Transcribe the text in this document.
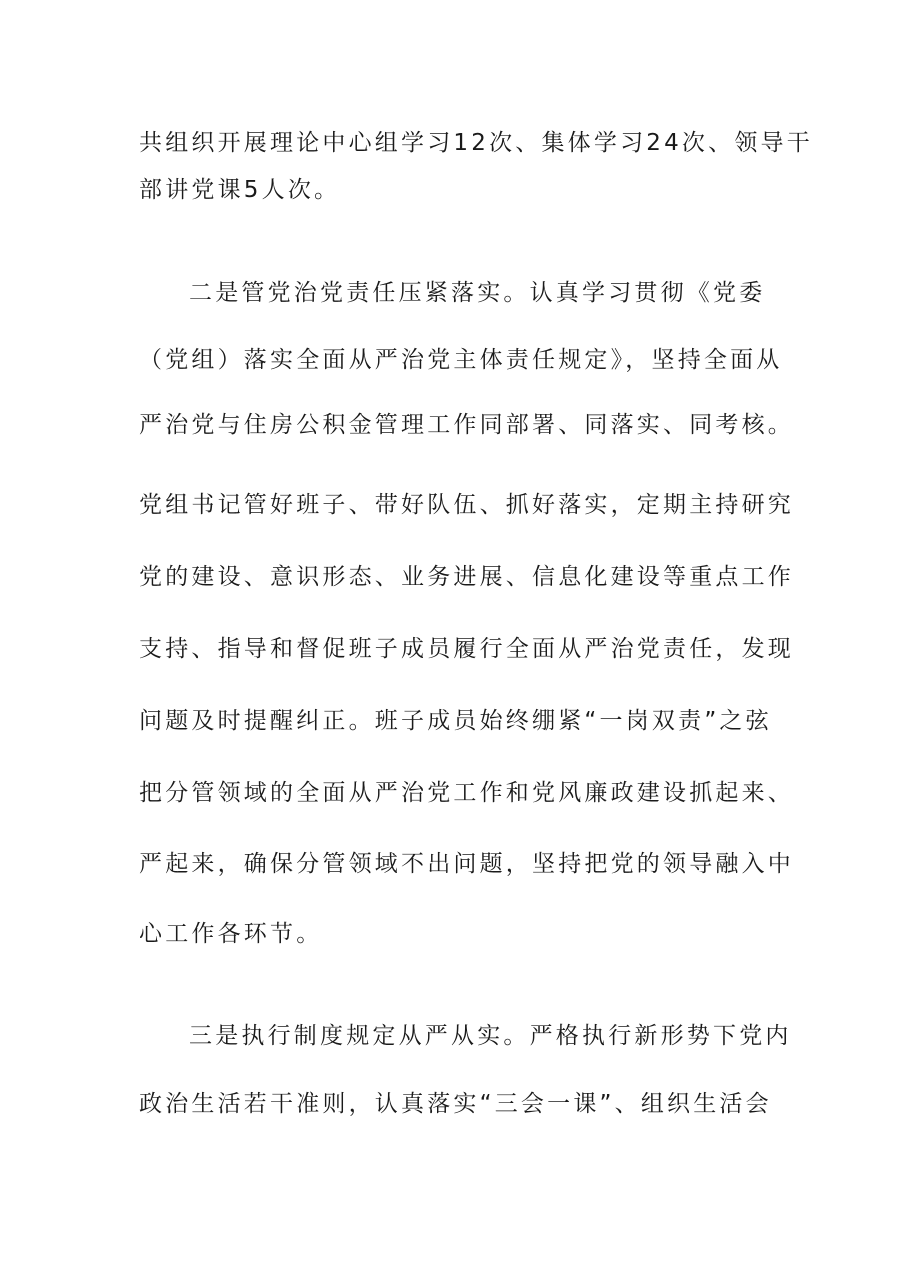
共组织开展理论中心组学习12次、集体学习24次、领导干
部讲党课5人次。
二是管党治党责任压紧落实。认真学习贯彻《党委
（党组）落实全面从严治党主体责任规定》，坚持全面从
严治党与住房公积金管理工作同部署、同落实、同考核。
党组书记管好班子、带好队伍、抓好落实，定期主持研究
党的建设、意识形态、业务进展、信息化建设等重点工作
支持、指导和督促班子成员履行全面从严治党责任，发现
问题及时提醒纠正。班子成员始终绷紧“一岗双责”之弦
把分管领域的全面从严治党工作和党风廉政建设抓起来、
严起来，确保分管领域不出问题，坚持把党的领导融入中
心工作各环节。
三是执行制度规定从严从实。严格执行新形势下党内
政治生活若干准则，认真落实“三会一课”、组织生活会
